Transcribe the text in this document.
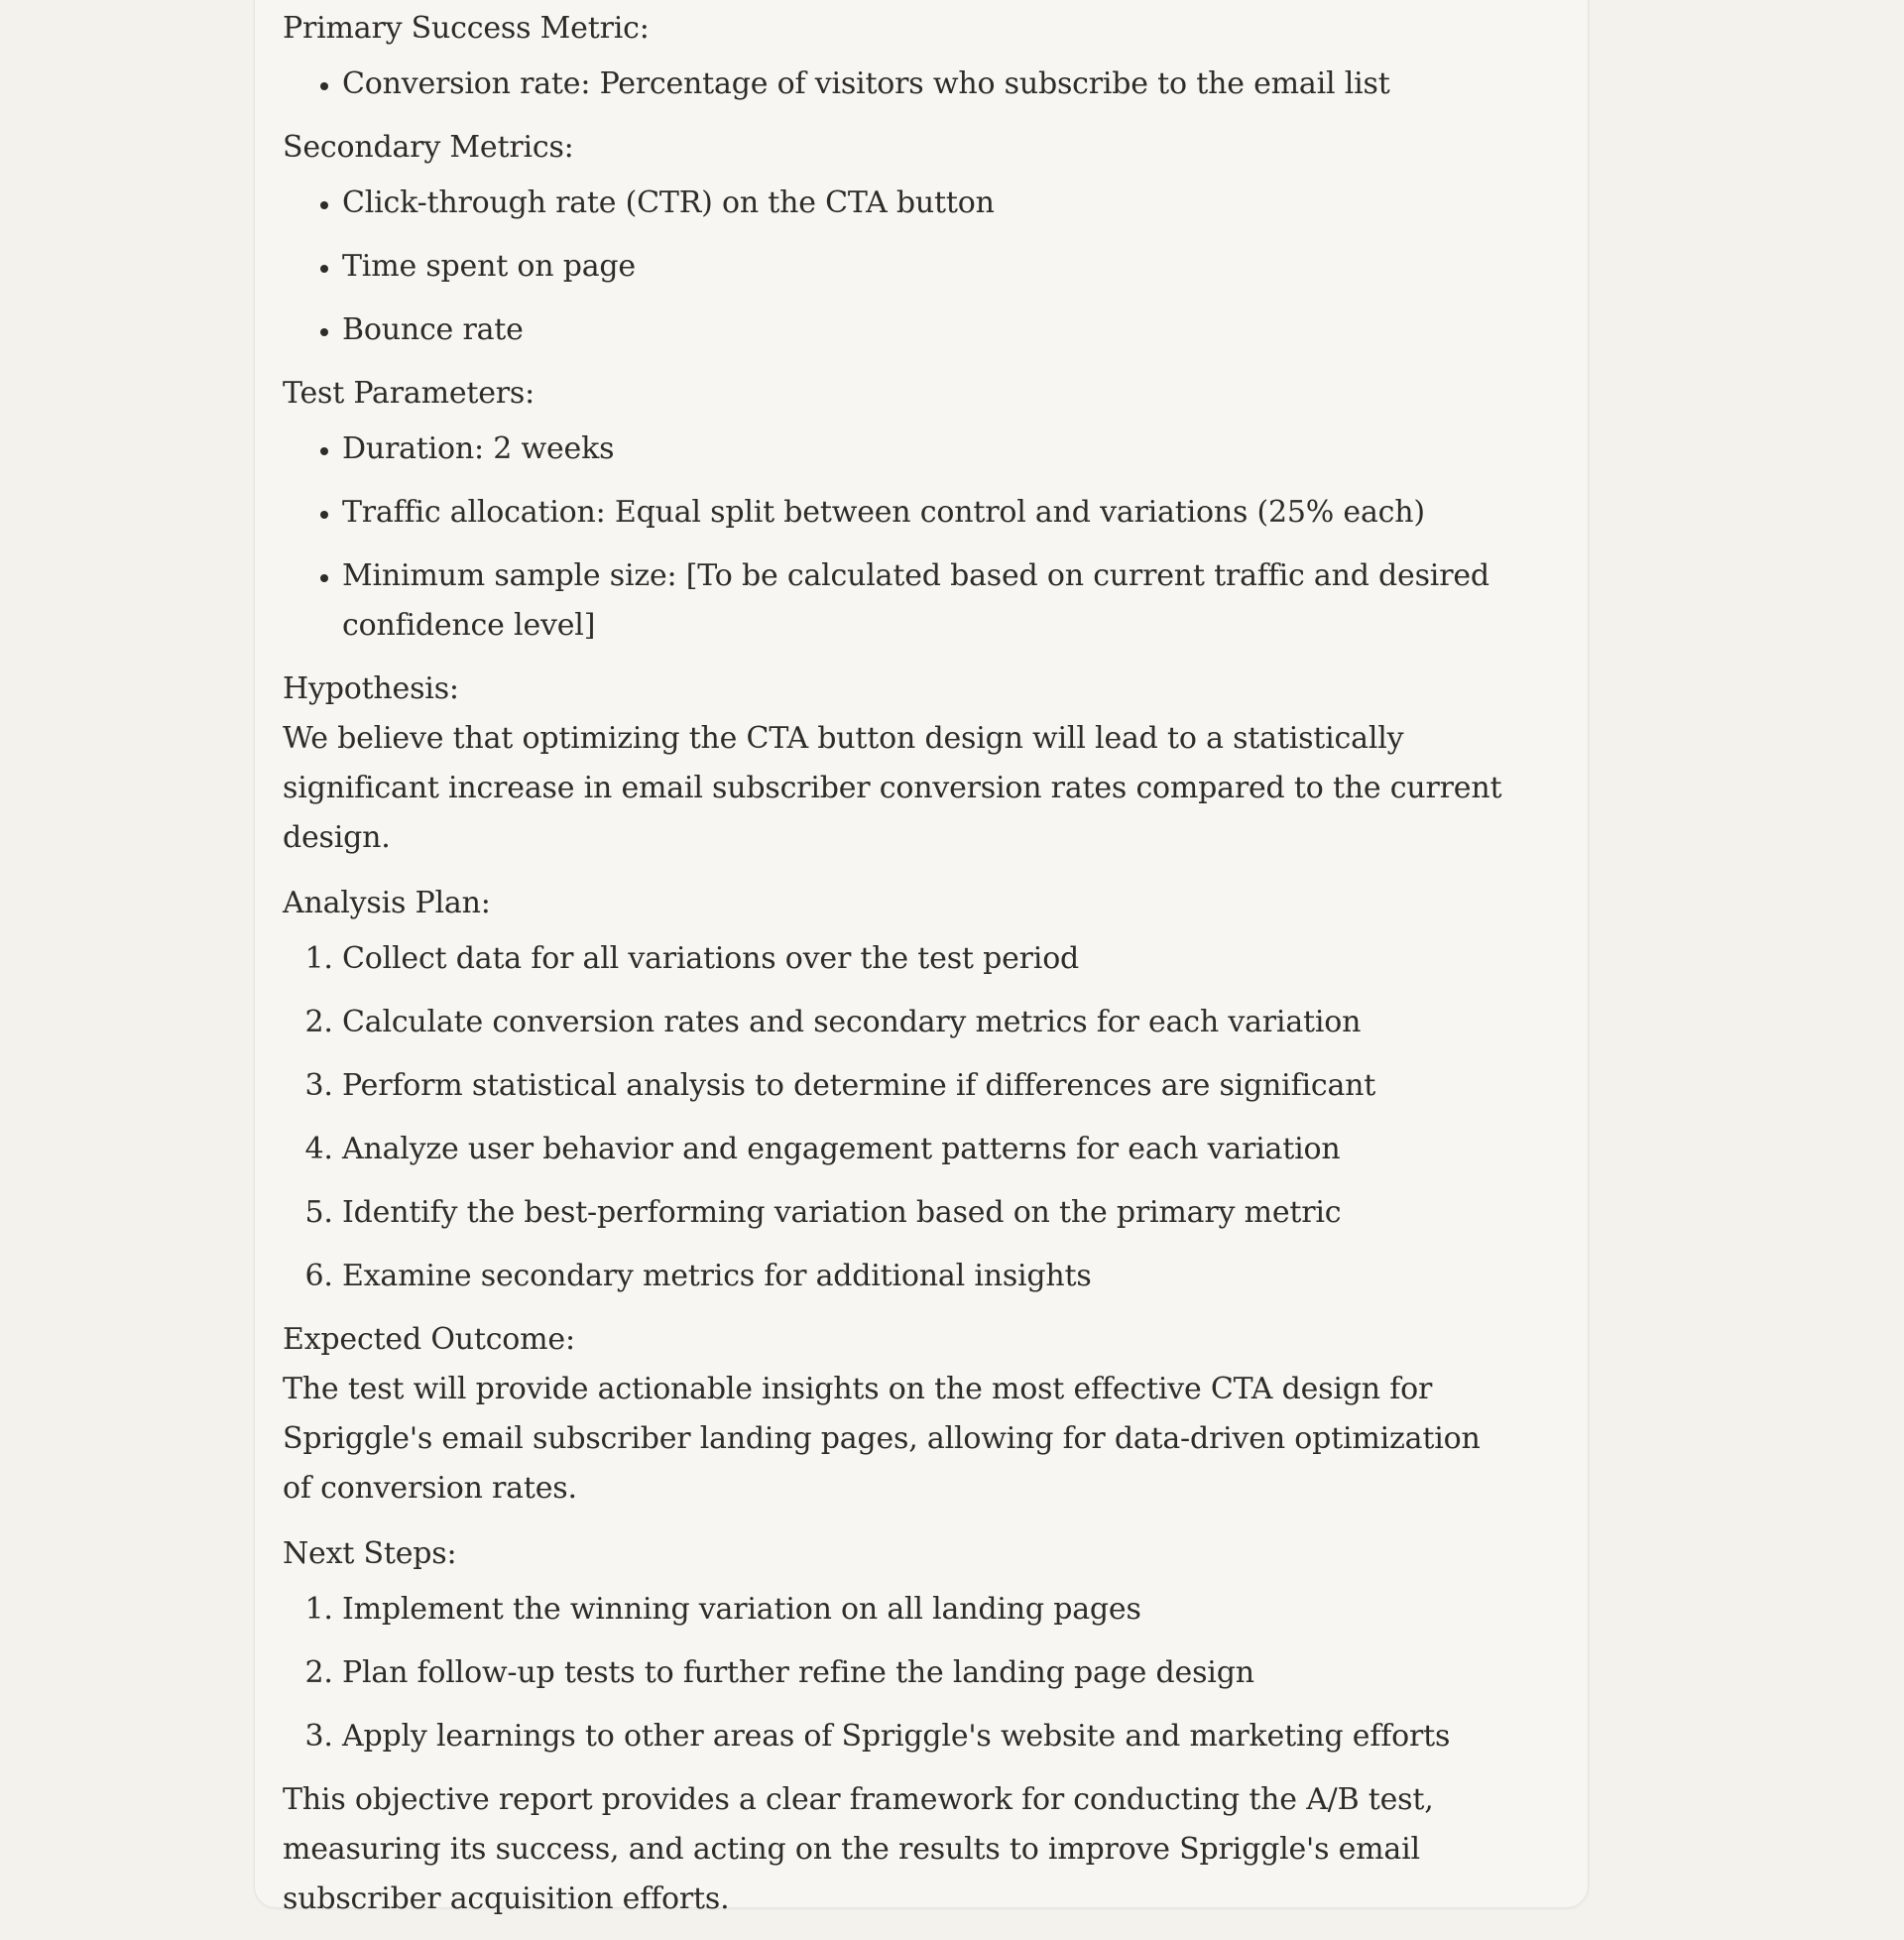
Primary Success Metric:
• Conversion rate: Percentage of visitors who subscribe to the email list
Secondary Metrics:
• Click-through rate (CTR) on the CTA button
• Time spent on page
• Bounce rate
Test Parameters:
• Duration: 2 weeks
• Traffic allocation: Equal split between control and variations (25% each)
• Minimum sample size: [To be calculated based on current traffic and desired confidence level]
Hypothesis:
We believe that optimizing the CTA button design will lead to a statistically significant increase in email subscriber conversion rates compared to the current design.
Analysis Plan:
1. Collect data for all variations over the test period
2. Calculate conversion rates and secondary metrics for each variation
3. Perform statistical analysis to determine if differences are significant
4. Analyze user behavior and engagement patterns for each variation
5. Identify the best-performing variation based on the primary metric
6. Examine secondary metrics for additional insights
Expected Outcome:
The test will provide actionable insights on the most effective CTA design for Spriggle's email subscriber landing pages, allowing for data-driven optimization of conversion rates.
Next Steps:
1. Implement the winning variation on all landing pages
2. Plan follow-up tests to further refine the landing page design
3. Apply learnings to other areas of Spriggle's website and marketing efforts
This objective report provides a clear framework for conducting the A/B test, measuring its success, and acting on the results to improve Spriggle's email subscriber acquisition efforts.
